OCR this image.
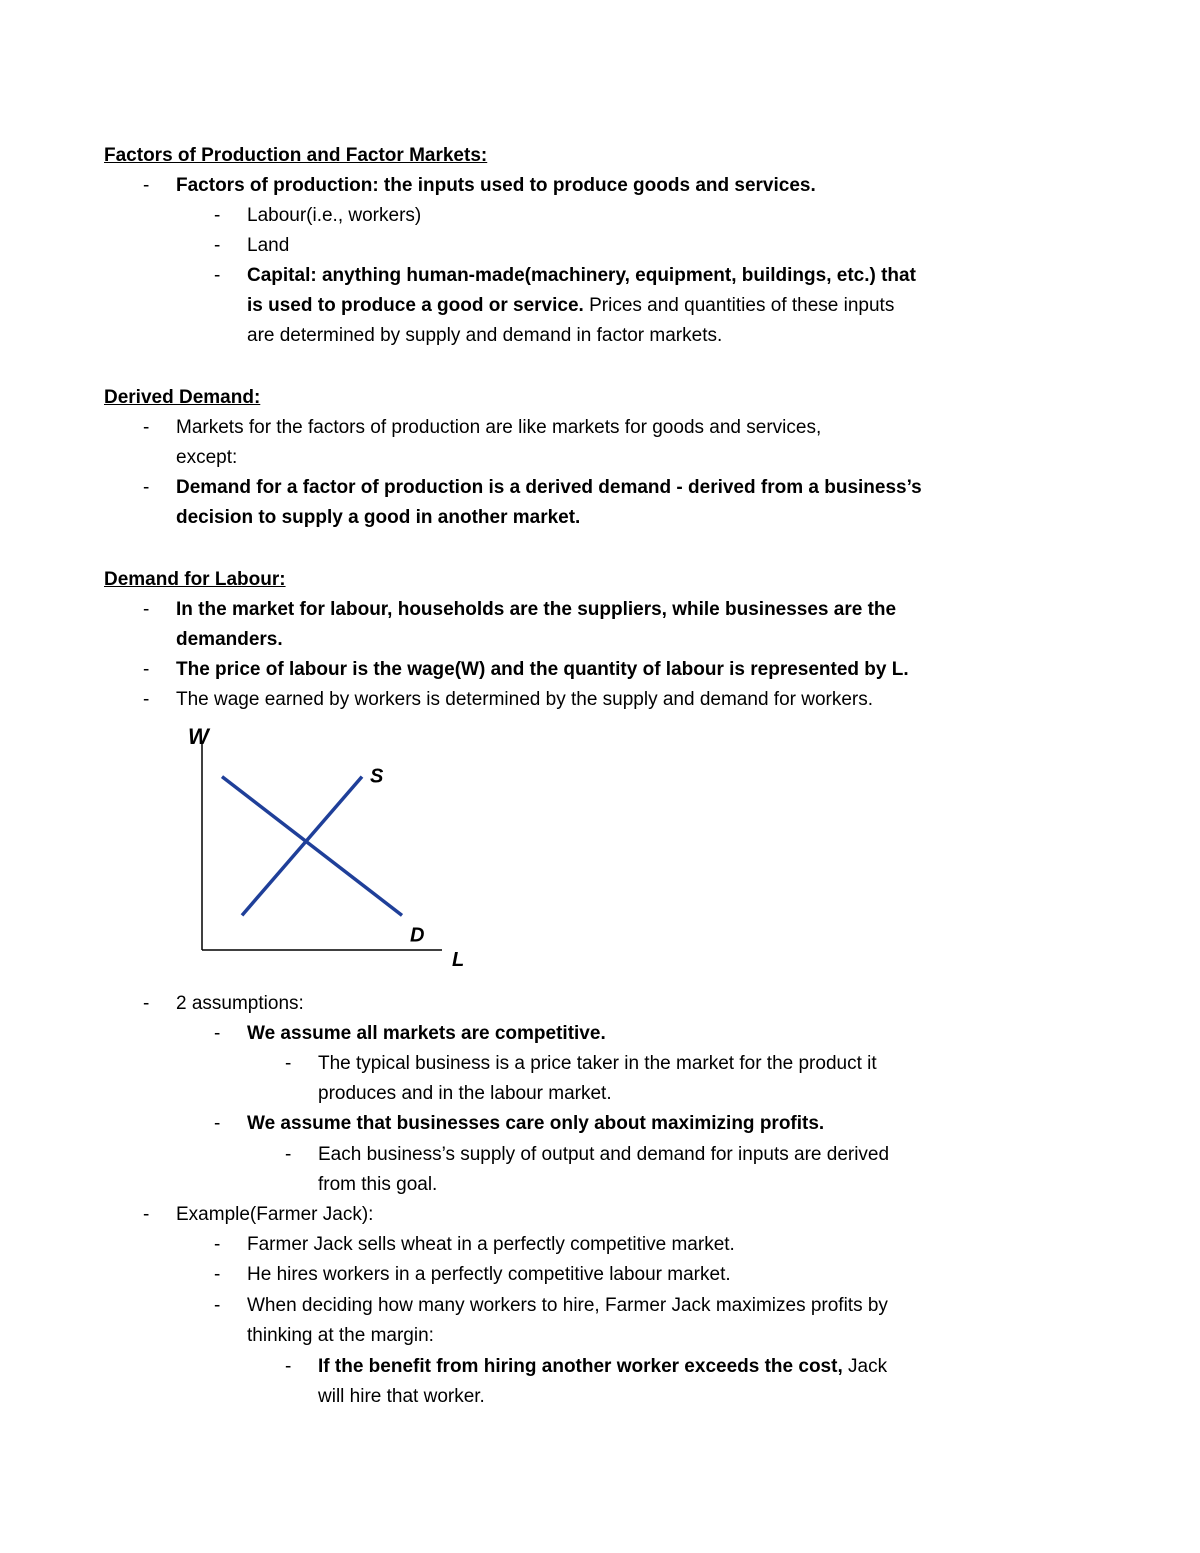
Factors of Production and Factor Markets:
- Factors of production: the inputs used to produce goods and services.
- Labour(i.e., workers)
- Land
- Capital: anything human-made(machinery, equipment, buildings, etc.) that
is used to produce a good or service. Prices and quantities of these inputs
are determined by supply and demand in factor markets.
Derived Demand:
- Markets for the factors of production are like markets for goods and services,
except:
- Demand for a factor of production is a derived demand - derived from a business’s
decision to supply a good in another market.
Demand for Labour:
- In the market for labour, households are the suppliers, while businesses are the
demanders.
- The price of labour is the wage(W) and the quantity of labour is represented by L.
- The wage earned by workers is determined by the supply and demand for workers.
W
L
S
D
- 2 assumptions:
- We assume all markets are competitive.
- The typical business is a price taker in the market for the product it
produces and in the labour market.
- We assume that businesses care only about maximizing profits.
- Each business’s supply of output and demand for inputs are derived
from this goal.
- Example(Farmer Jack):
- Farmer Jack sells wheat in a perfectly competitive market.
- He hires workers in a perfectly competitive labour market.
- When deciding how many workers to hire, Farmer Jack maximizes profits by
thinking at the margin:
- If the benefit from hiring another worker exceeds the cost, Jack
will hire that worker.
